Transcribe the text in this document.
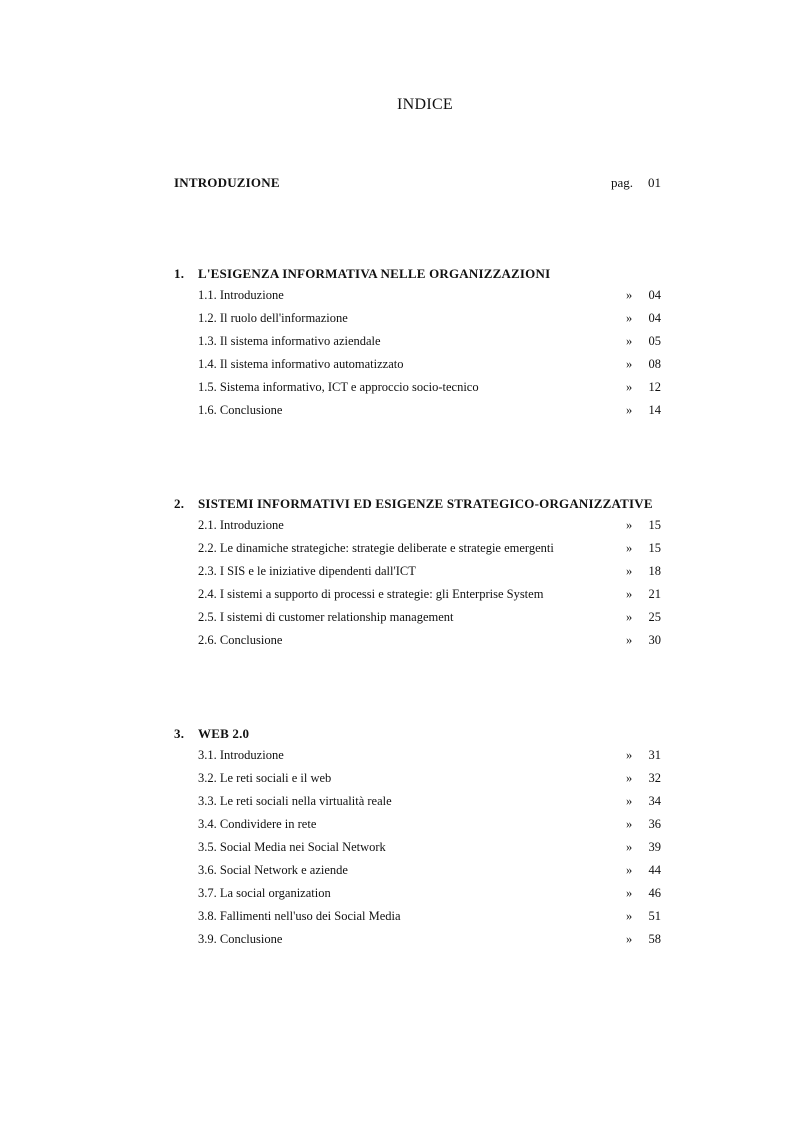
INDICE
INTRODUZIONE	pag. 01
1. L'ESIGENZA INFORMATIVA NELLE ORGANIZZAZIONI
1.1. Introduzione	» 04
1.2. Il ruolo dell'informazione	» 04
1.3. Il sistema informativo aziendale	» 05
1.4. Il sistema informativo automatizzato	» 08
1.5. Sistema informativo, ICT e approccio socio-tecnico	» 12
1.6. Conclusione	» 14
2. SISTEMI INFORMATIVI ED ESIGENZE STRATEGICO-ORGANIZZATIVE
2.1. Introduzione	» 15
2.2. Le dinamiche strategiche: strategie deliberate e strategie emergenti	» 15
2.3. I SIS e le iniziative dipendenti dall'ICT	» 18
2.4. I sistemi a supporto di processi e strategie: gli Enterprise System	» 21
2.5. I sistemi di customer relationship management	» 25
2.6. Conclusione	» 30
3. WEB 2.0
3.1. Introduzione	» 31
3.2. Le reti sociali e il web	» 32
3.3. Le reti sociali nella virtualità reale	» 34
3.4. Condividere in rete	» 36
3.5. Social Media nei Social Network	» 39
3.6. Social Network e aziende	» 44
3.7. La social organization	» 46
3.8. Fallimenti nell'uso dei Social Media	» 51
3.9. Conclusione	» 58
